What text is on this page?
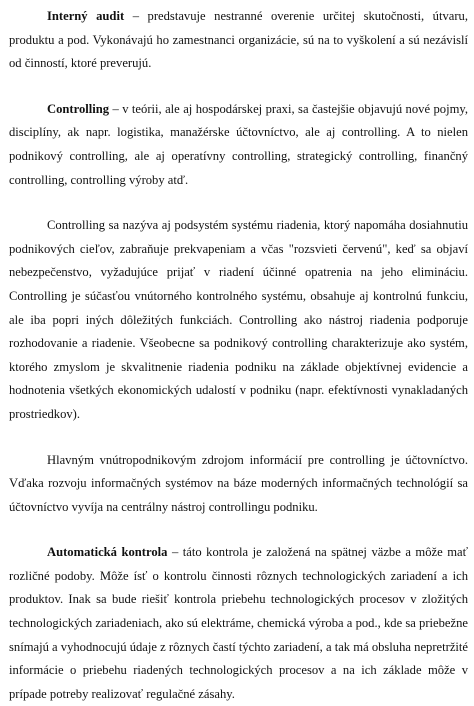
Interný audit – predstavuje nestranné overenie určitej skutočnosti, útvaru, produktu a pod. Vykonávajú ho zamestnanci organizácie, sú na to vyškolení a sú nezávislí od činností, ktoré preverujú.

Controlling – v teórii, ale aj hospodárskej praxi, sa častejšie objavujú nové pojmy, disciplíny, ak napr. logistika, manažérske účtovníctvo, ale aj controlling. A to nielen podnikový controlling, ale aj operatívny controlling, strategický controlling, finančný controlling, controlling výroby atď.

Controlling sa nazýva aj podsystém systému riadenia, ktorý napomáha dosiahnutiu podnikových cieľov, zabraňuje prekvapeniam a včas "rozsvieti červenú", keď sa objaví nebezpečenstvo, vyžadujúce prijať v riadení účinné opatrenia na jeho elimináciu. Controlling je súčasťou vnútorného kontrolného systému, obsahuje aj kontrolnú funkciu, ale iba popri iných dôležitých funkciách. Controlling ako nástroj riadenia podporuje rozhodovanie a riadenie. Všeobecne sa podnikový controlling charakterizuje ako systém, ktorého zmyslom je skvalitnenie riadenia podniku na základe objektívnej evidencie a hodnotenia všetkých ekonomických udalostí v podniku (napr. efektívnosti vynakladaných prostriedkov).

Hlavným vnútropodnikovým zdrojom informácií pre controlling je účtovníctvo. Vďaka rozvoju informačných systémov na báze moderných informačných technológií sa účtovníctvo vyvíja na centrálny nástroj controllingu podniku.

Automatická kontrola – táto kontrola je založená na spätnej väzbe a môže mať rozličné podoby. Môže ísť o kontrolu činnosti rôznych technologických zariadení a ich produktov. Inak sa bude riešiť kontrola priebehu technologických procesov v zložitých technologických zariadeniach, ako sú elektráme, chemická výroba a pod., kde sa priebežne snímajú a vyhodnocujú údaje z rôznych častí týchto zariadení, a tak má obsluha nepretržité informácie o priebehu riadených technologických procesov a na ich základe môže v prípade potreby realizovať regulačné zásahy.
